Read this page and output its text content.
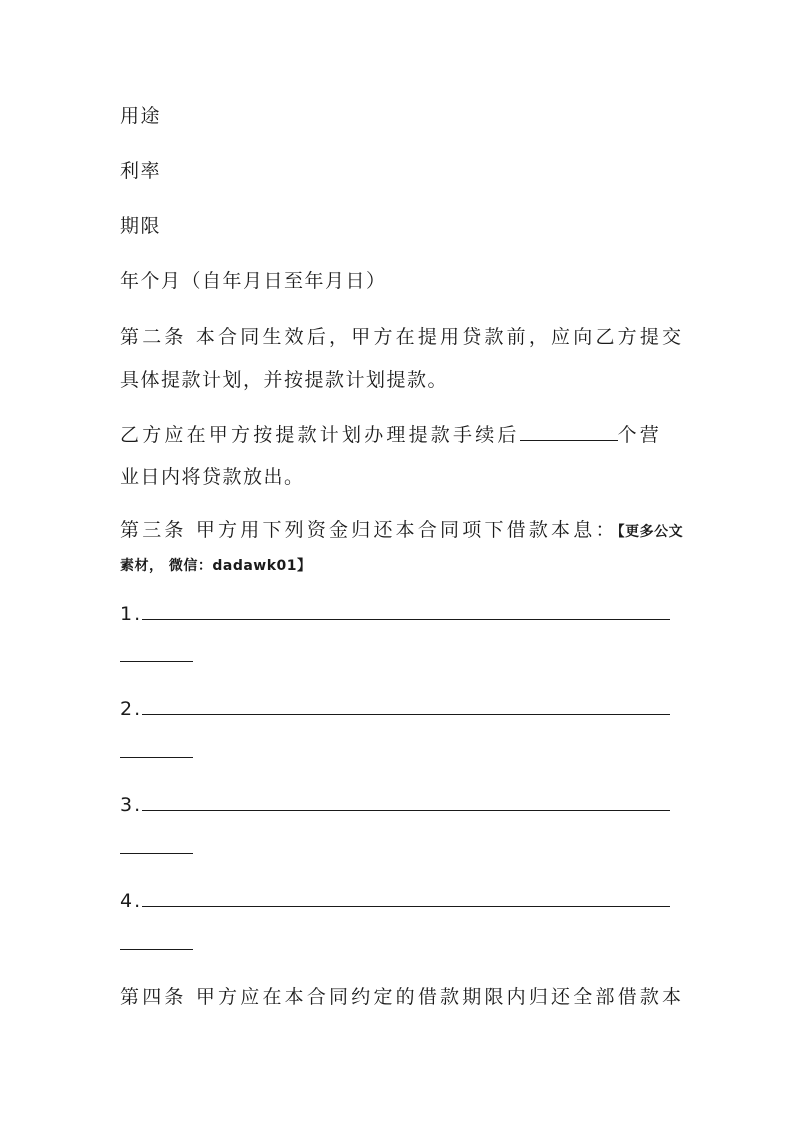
用途

利率

期限

年个月（自年月日至年月日）

第二条 本合同生效后，甲方在提用贷款前，应向乙方提交

具体提款计划，并按提款计划提款。

乙方应在甲方按提款计划办理提款手续后	个营

业日内将贷款放出。

第三条 甲方用下列资金归还本合同项下借款本息：【更多公文

素材， 微信：dadawk01】

1.

2.

3.

4.

第四条 甲方应在本合同约定的借款期限内归还全部借款本
